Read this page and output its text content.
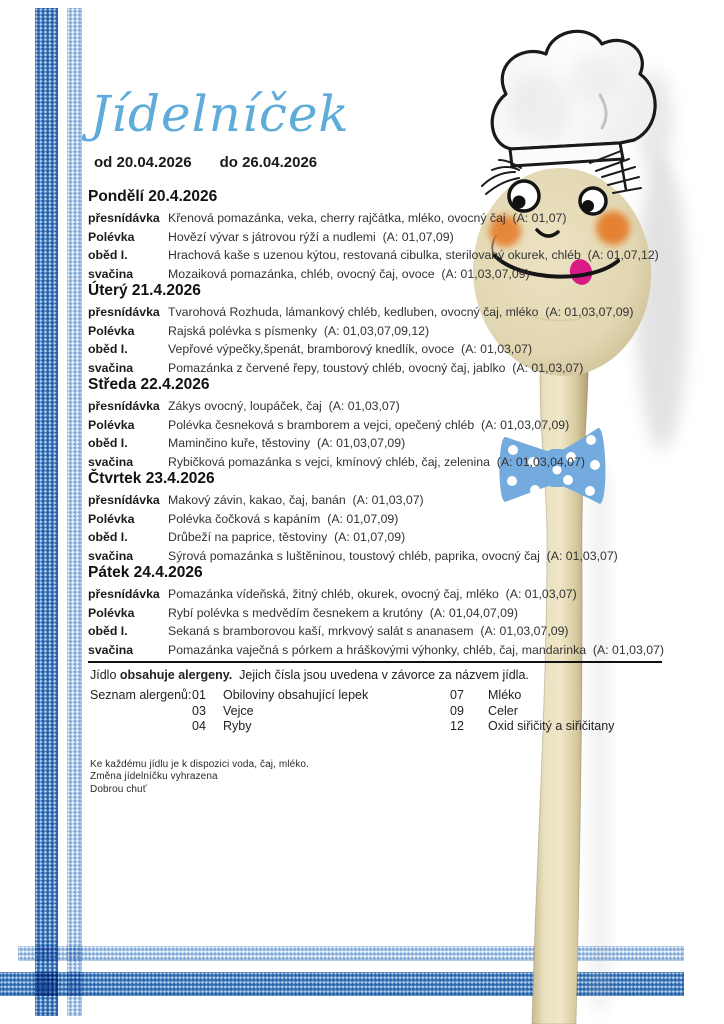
Jídelníček
od 20.04.2026 do 26.04.2026
Pondělí 20.4.2026
přesnídávka Křenová pomazánka, veka, cherry rajčátka, mléko, ovocný čaj  (A: 01,07)
Polévka	Hovězí vývar s játrovou rýží a nudlemi  (A: 01,07,09)
oběd I.	Hrachová kaše s uzenou kýtou, restovaná cibulka, sterilovaný okurek, chléb  (A: 01,07,12)
svačina	Mozaiková pomazánka, chléb, ovocný čaj, ovoce  (A: 01,03,07,09)
Úterý 21.4.2026
přesnídávka Tvarohová Rozhuda, lámankový chléb, kedluben, ovocný čaj, mléko  (A: 01,03,07,09)
Polévka	Rajská polévka s písmenky  (A: 01,03,07,09,12)
oběd I.	Vepřové výpečky,špenát, bramborový knedlík, ovoce  (A: 01,03,07)
svačina	Pomazánka z červené řepy, toustový chléb, ovocný čaj, jablko  (A: 01,03,07)
Středa 22.4.2026
přesnídávka Zákys ovocný, loupáček, čaj  (A: 01,03,07)
Polévka	Polévka česneková s bramborem a vejci, opečený chléb  (A: 01,03,07,09)
oběd I.	Maminčino kuře, těstoviny  (A: 01,03,07,09)
svačina	Rybičková pomazánka s vejci, kmínový chléb, čaj, zelenina  (A: 01,03,04,07)
Čtvrtek 23.4.2026
přesnídávka Makový závin, kakao, čaj, banán  (A: 01,03,07)
Polévka	Polévka čočková s kapáním  (A: 01,07,09)
oběd I.	Drůbeží na paprice, těstoviny  (A: 01,07,09)
svačina	Sýrová pomazánka s luštěninou, toustový chléb, paprika, ovocný čaj  (A: 01,03,07)
Pátek 24.4.2026
přesnídávka Pomazánka vídeňská, žitný chléb, okurek, ovocný čaj, mléko  (A: 01,03,07)
Polévka	Rybí polévka s medvědím česnekem a krutóny  (A: 01,04,07,09)
oběd I.	Sekaná s bramborovou kaší, mrkvový salát s ananasem  (A: 01,03,07,09)
svačina	Pomazánka vaječná s pórkem a hráškovými výhonky, chléb, čaj, mandarinka  (A: 01,03,07)

Jídlo obsahuje alergeny.  Jejich čísla jsou uvedena v závorce za názvem jídla.

Seznam alergenů: 01	Obiloviny obsahující lepek
03	Vejce
04	Ryby
07	Mléko
09	Celer
12	Oxid siřičitý a siřičitany
Ke každému jídlu je k dispozici voda, čaj, mléko.
Změna jídelníčku vyhrazena
Dobrou chuť
